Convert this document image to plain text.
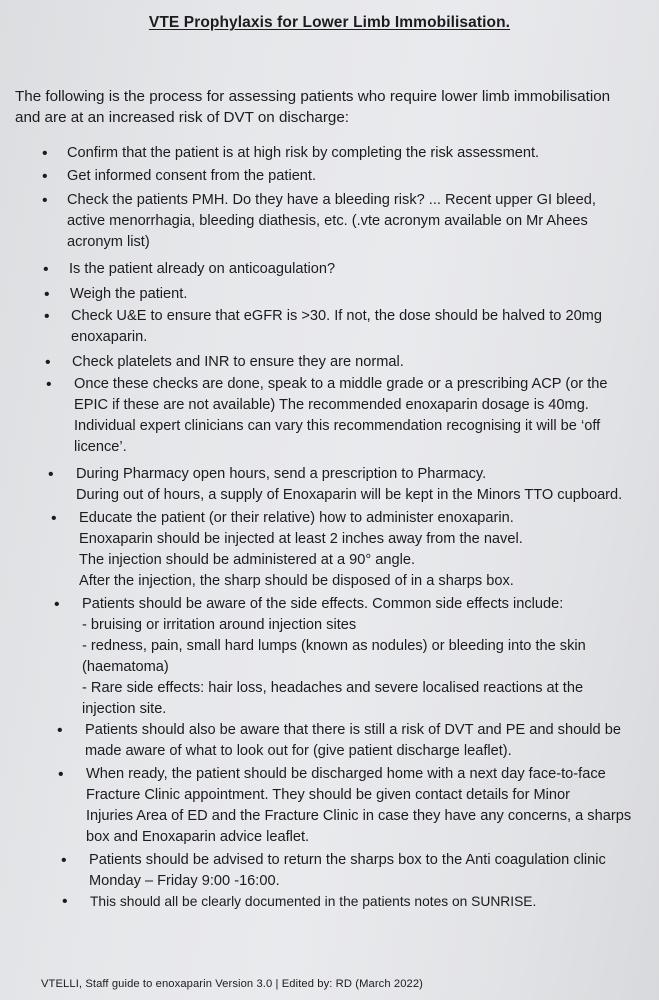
VTE Prophylaxis for Lower Limb Immobilisation.
The following is the process for assessing patients who require lower limb immobilisation
and are at an increased risk of DVT on discharge:
• Confirm that the patient is at high risk by completing the risk assessment.
• Get informed consent from the patient.
• Check the patients PMH. Do they have a bleeding risk? ... Recent upper GI bleed,
active menorrhagia, bleeding diathesis, etc. (.vte acronym available on Mr Ahees
acronym list)
• Is the patient already on anticoagulation?
• Weigh the patient.
• Check U&E to ensure that eGFR is >30. If not, the dose should be halved to 20mg
enoxaparin.
• Check platelets and INR to ensure they are normal.
• Once these checks are done, speak to a middle grade or a prescribing ACP (or the
EPIC if these are not available) The recommended enoxaparin dosage is 40mg.
Individual expert clinicians can vary this recommendation recognising it will be ‘off
licence’.
• During Pharmacy open hours, send a prescription to Pharmacy.
During out of hours, a supply of Enoxaparin will be kept in the Minors TTO cupboard.
• Educate the patient (or their relative) how to administer enoxaparin.
Enoxaparin should be injected at least 2 inches away from the navel.
The injection should be administered at a 90° angle.
After the injection, the sharp should be disposed of in a sharps box.
• Patients should be aware of the side effects. Common side effects include:
- bruising or irritation around injection sites
- redness, pain, small hard lumps (known as nodules) or bleeding into the skin
(haematoma)
- Rare side effects: hair loss, headaches and severe localised reactions at the
injection site.
• Patients should also be aware that there is still a risk of DVT and PE and should be
made aware of what to look out for (give patient discharge leaflet).
• When ready, the patient should be discharged home with a next day face-to-face
Fracture Clinic appointment. They should be given contact details for Minor
Injuries Area of ED and the Fracture Clinic in case they have any concerns, a sharps
box and Enoxaparin advice leaflet.
• Patients should be advised to return the sharps box to the Anti coagulation clinic
Monday – Friday 9:00 -16:00.
• This should all be clearly documented in the patients notes on SUNRISE.
VTELLI, Staff guide to enoxaparin Version 3.0 | Edited by: RD (March 2022)
